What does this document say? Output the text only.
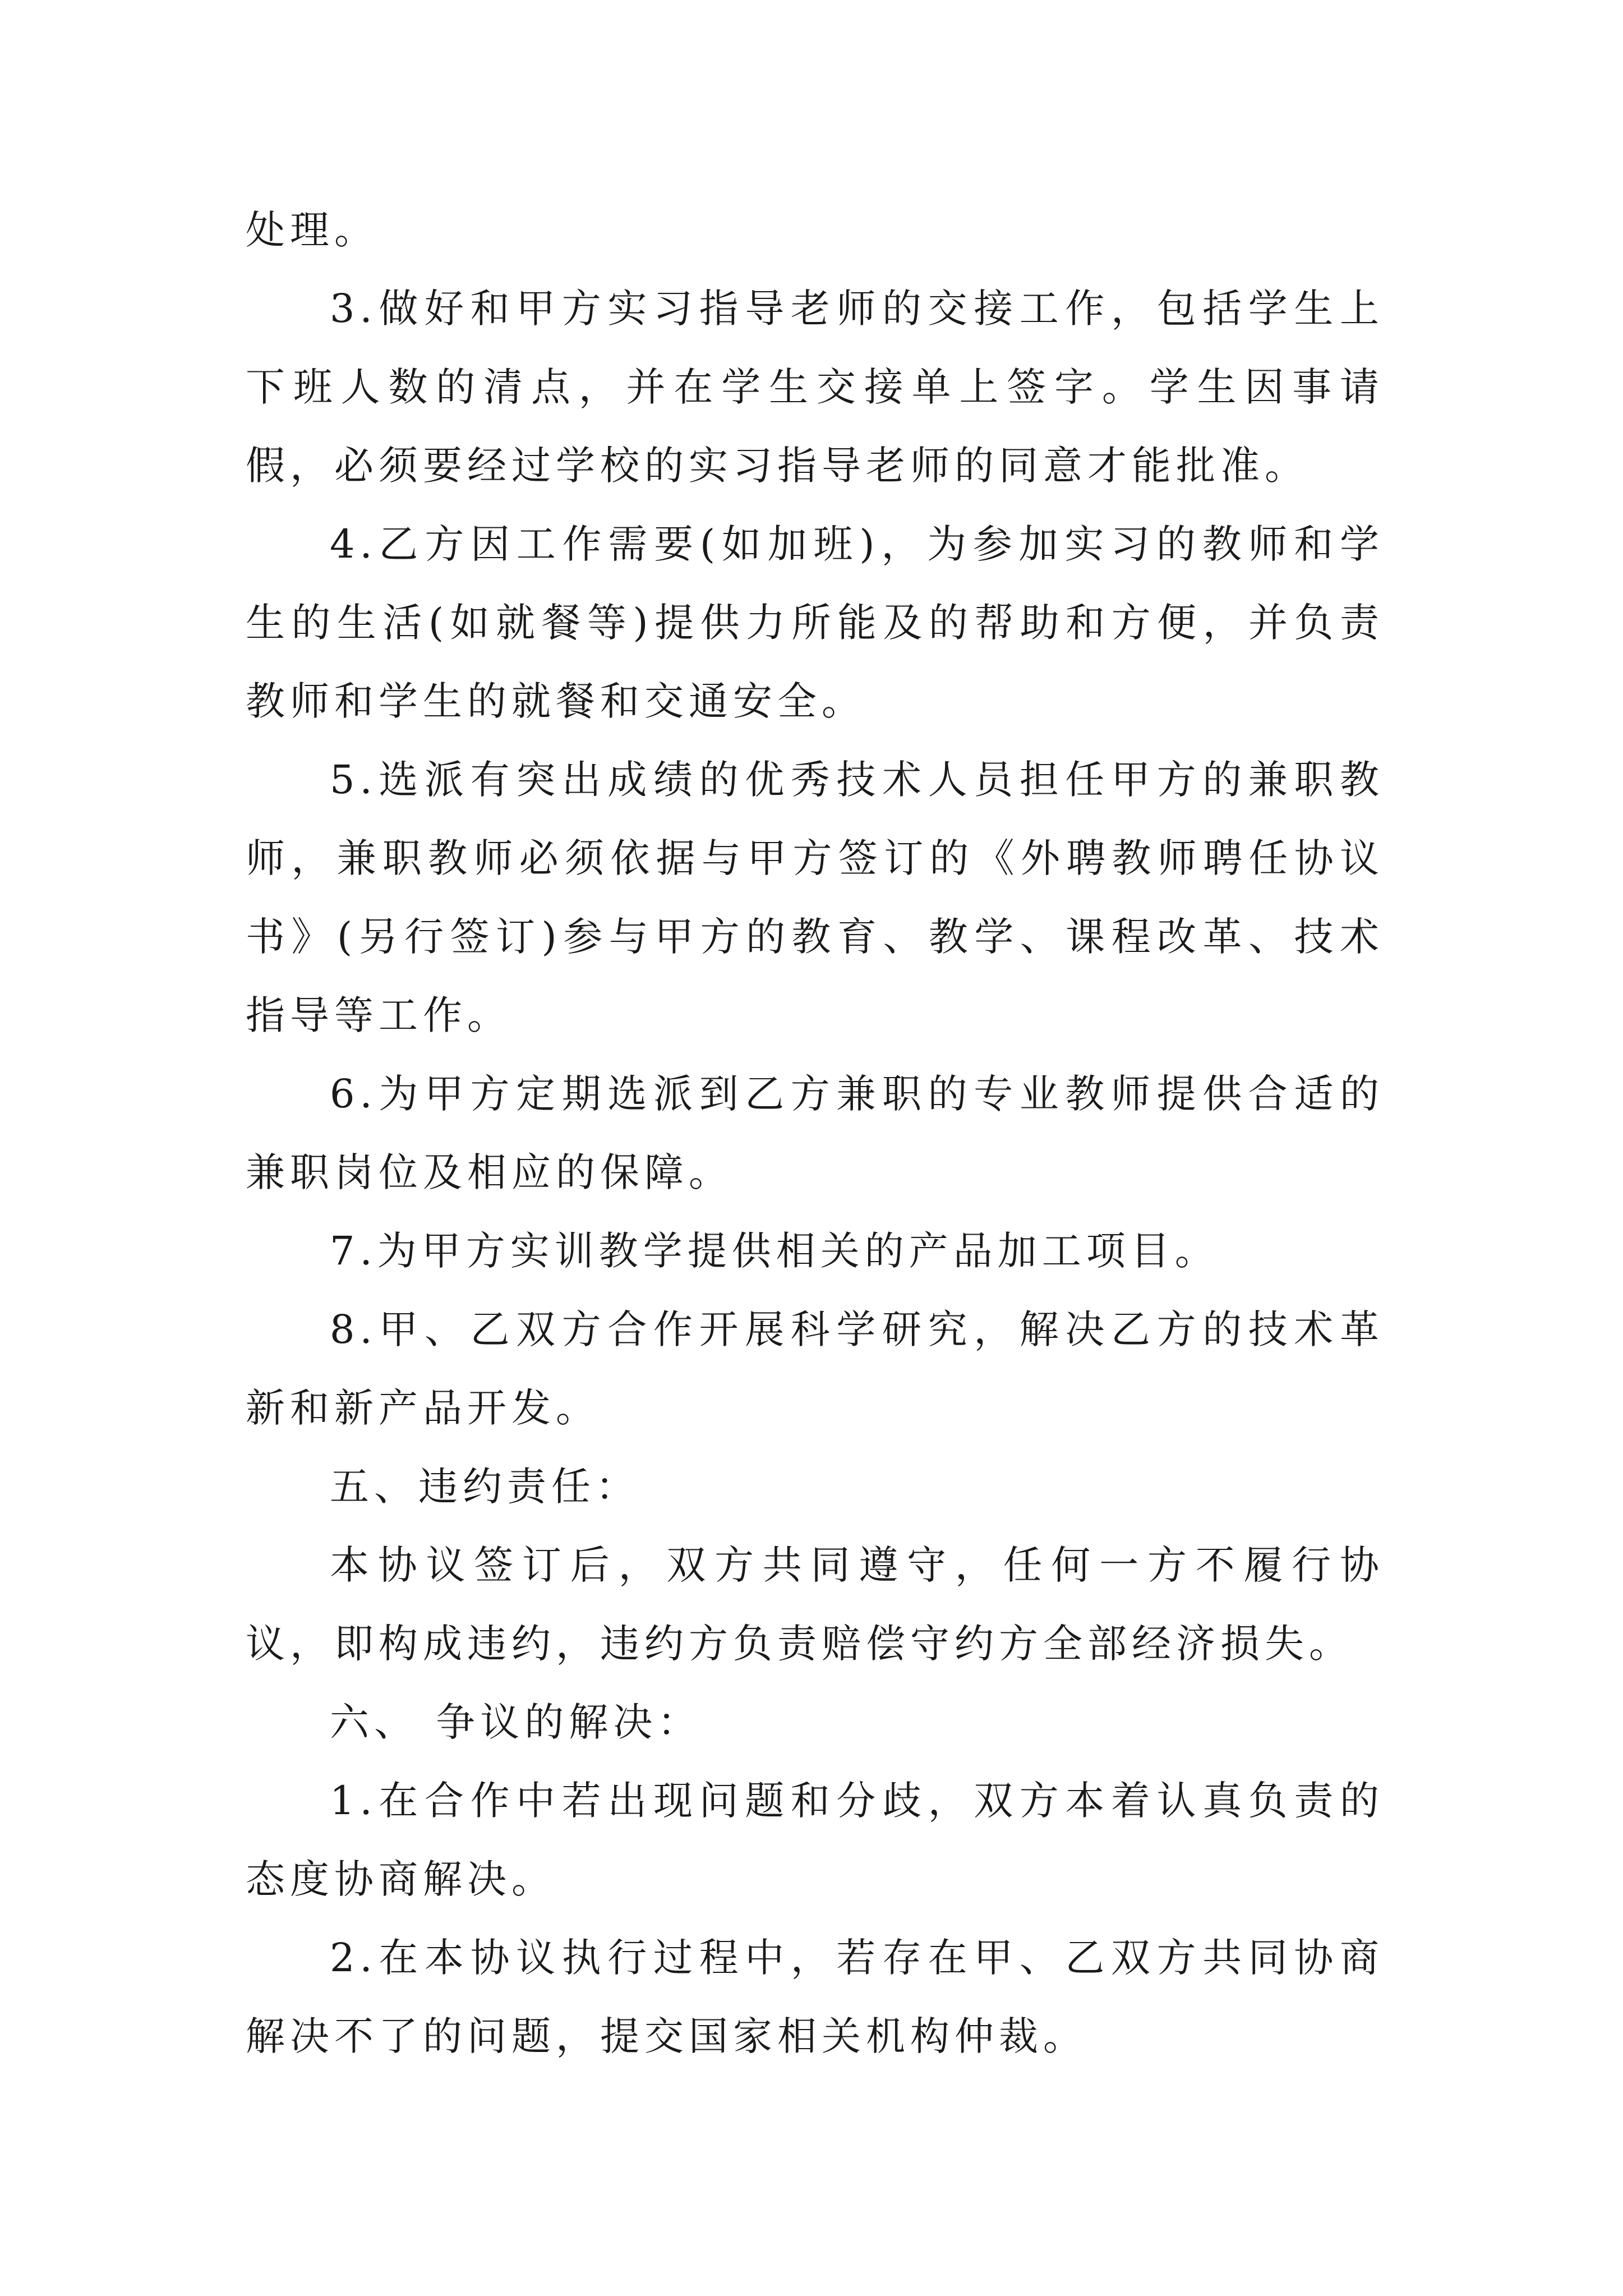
处理。

3.做好和甲方实习指导老师的交接工作，包括学生上下班人数的清点，并在学生交接单上签字。学生因事请假，必须要经过学校的实习指导老师的同意才能批准。

4.乙方因工作需要(如加班)，为参加实习的教师和学生的生活(如就餐等)提供力所能及的帮助和方便，并负责教师和学生的就餐和交通安全。

5.选派有突出成绩的优秀技术人员担任甲方的兼职教师，兼职教师必须依据与甲方签订的《外聘教师聘任协议书》(另行签订)参与甲方的教育、教学、课程改革、技术指导等工作。

6.为甲方定期选派到乙方兼职的专业教师提供合适的兼职岗位及相应的保障。

7.为甲方实训教学提供相关的产品加工项目。

8.甲、乙双方合作开展科学研究，解决乙方的技术革新和新产品开发。

五、违约责任：

本协议签订后，双方共同遵守，任何一方不履行协议，即构成违约，违约方负责赔偿守约方全部经济损失。

六、 争议的解决：

1.在合作中若出现问题和分歧，双方本着认真负责的态度协商解决。

2.在本协议执行过程中，若存在甲、乙双方共同协商解决不了的问题，提交国家相关机构仲裁。
